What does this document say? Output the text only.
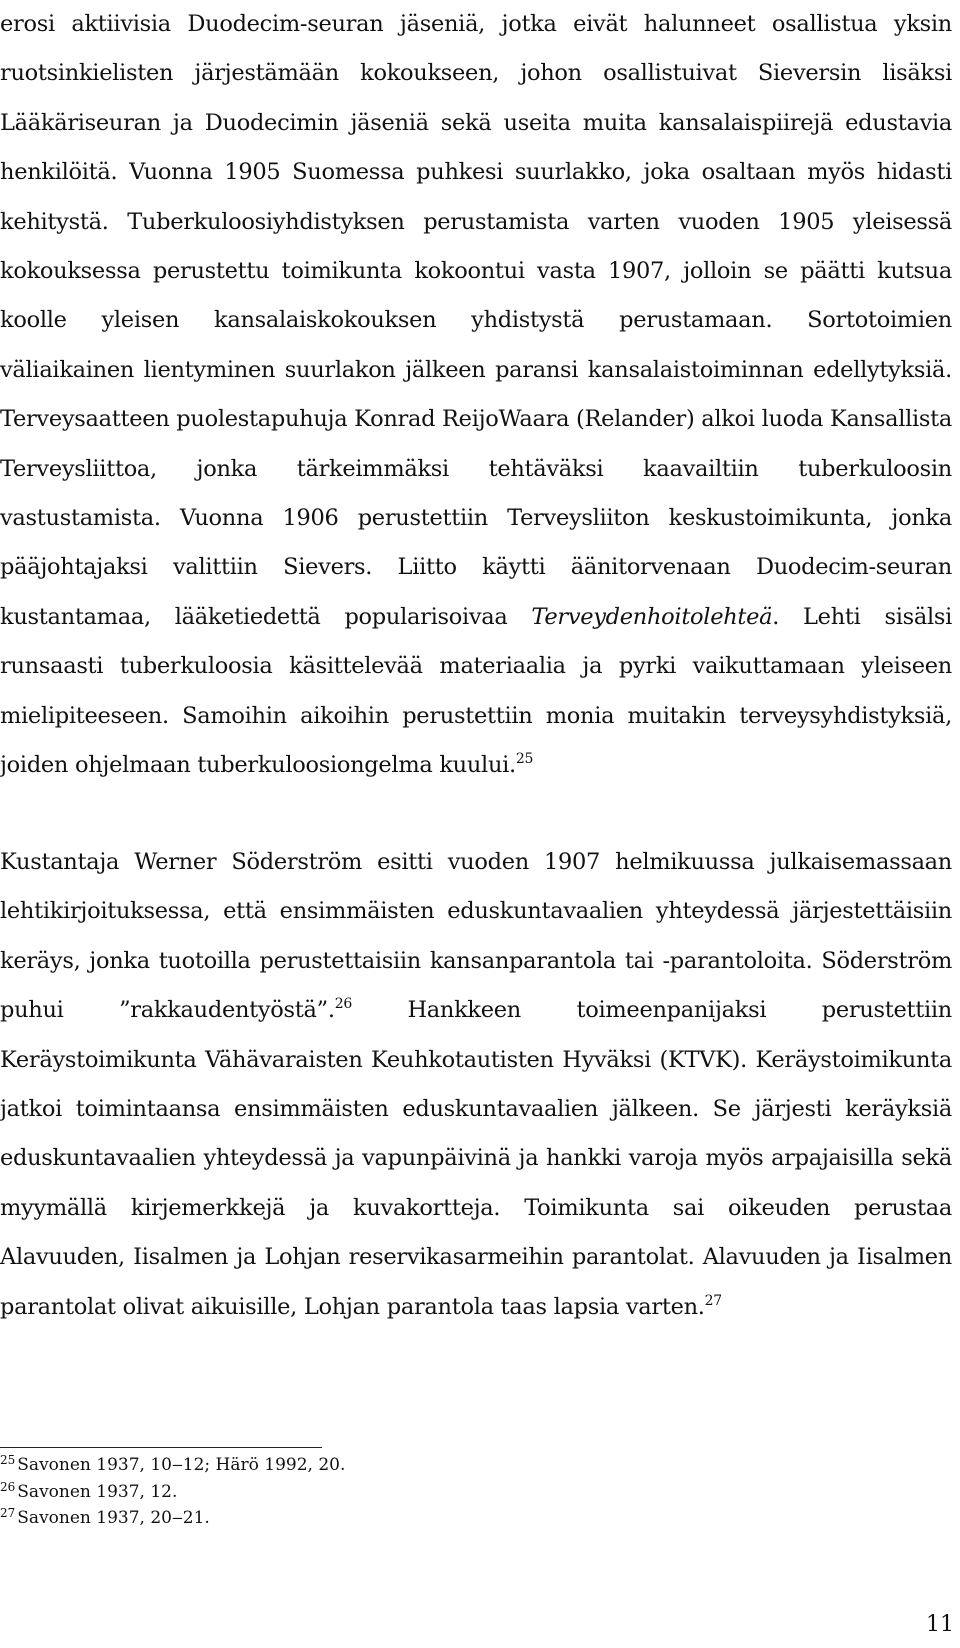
erosi aktiivisia Duodecim-seuran jäseniä, jotka eivät halunneet osallistua yksin ruotsinkielisten järjestämään kokoukseen, johon osallistuivat Sieversin lisäksi Lääkäriseuran ja Duodecimin jäseniä sekä useita muita kansalaispiirejä edustavia henkilöitä. Vuonna 1905 Suomessa puhkesi suurlakko, joka osaltaan myös hidasti kehitystä. Tuberkuloosiyhdistyksen perustamista varten vuoden 1905 yleisessä kokouksessa perustettu toimikunta kokoontui vasta 1907, jolloin se päätti kutsua koolle yleisen kansalaiskokouksen yhdistystä perustamaan. Sortotoimien väliaikainen lientyminen suurlakon jälkeen paransi kansalaistoiminnan edellytyksiä. Terveysaatteen puolestapuhuja Konrad ReijoWaara (Relander) alkoi luoda Kansallista Terveysliittoa, jonka tärkeimmäksi tehtäväksi kaavailtiin tuberkuloosin vastustamista. Vuonna 1906 perustettiin Terveysliiton keskustoimikunta, jonka pääjohtajaksi valittiin Sievers. Liitto käytti äänitorvenaan Duodecim-seuran kustantamaa, lääketiedettä popularisoivaa Terveydenhoitolehteä. Lehti sisälsi runsaasti tuberkuloosia käsittelevää materiaalia ja pyrki vaikuttamaan yleiseen mielipiteeseen. Samoihin aikoihin perustettiin monia muitakin terveysyhdistyksiä, joiden ohjelmaan tuberkuloosiongelma kuului.$^{25}$

Kustantaja Werner Söderström esitti vuoden 1907 helmikuussa julkaisemassaan lehtikirjoituksessa, että ensimmäisten eduskuntavaalien yhteydessä järjestettäisiin keräys, jonka tuotoilla perustettaisiin kansanparantola tai -parantoloita. Söderström puhui ”rakkaudentyöstä”.$^{26}$ Hankkeen toimeenpanijaksi perustettiin Keräystoimikunta Vähävaraisten Keuhkotautisten Hyväksi (KTVK). Keräystoimikunta jatkoi toimintaansa ensimmäisten eduskuntavaalien jälkeen. Se järjesti keräyksiä eduskuntavaalien yhteydessä ja vapunpäivinä ja hankki varoja myös arpajaisilla sekä myymällä kirjemerkkejä ja kuvakortteja. Toimikunta sai oikeuden perustaa Alavuuden, Iisalmen ja Lohjan reservikasarmeihin parantolat. Alavuuden ja Iisalmen parantolat olivat aikuisille, Lohjan parantola taas lapsia varten.$^{27}$

$^{25}$ Savonen 1937, 10‒12; Härö 1992, 20.

$^{26}$ Savonen 1937, 12.

$^{27}$ Savonen 1937, 20‒21.

11
